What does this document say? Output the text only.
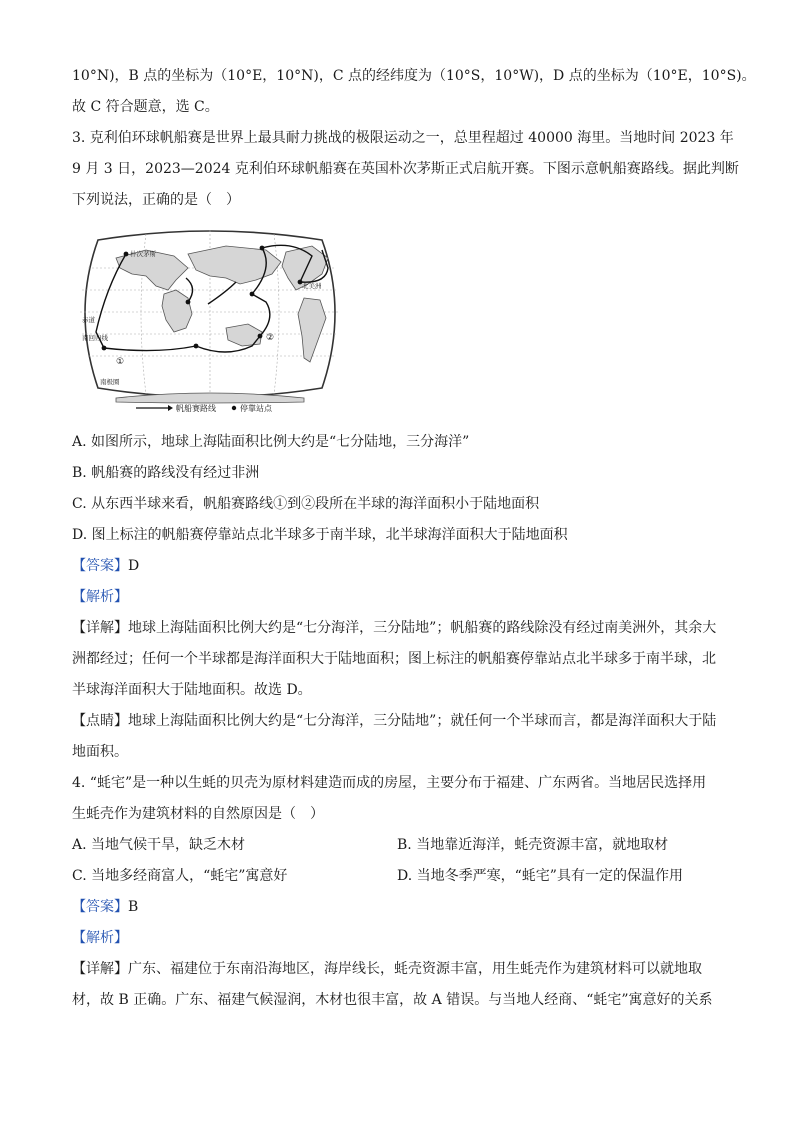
10°N)，B 点的坐标为（10°E，10°N)，C 点的经纬度为（10°S，10°W)，D 点的坐标为（10°E，10°S)。
故 C 符合题意，选 C。
3. 克利伯环球帆船赛是世界上最具耐力挑战的极限运动之一，总里程超过 40000 海里。当地时间 2023 年
9 月 3 日，2023—2024 克利伯环球帆船赛在英国朴次茅斯正式启航开赛。下图示意帆船赛路线。据此判断
下列说法，正确的是（　）
朴次茅斯
赤道
南回归线
南极圈
北美洲
①
②
帆船赛路线	停靠站点
A. 如图所示，地球上海陆面积比例大约是“七分陆地，三分海洋”
B. 帆船赛的路线没有经过非洲
C. 从东西半球来看，帆船赛路线①到②段所在半球的海洋面积小于陆地面积
D. 图上标注的帆船赛停靠站点北半球多于南半球，北半球海洋面积大于陆地面积
【答案】D
【解析】
【详解】地球上海陆面积比例大约是“七分海洋，三分陆地”；帆船赛的路线除没有经过南美洲外，其余大
洲都经过；任何一个半球都是海洋面积大于陆地面积；图上标注的帆船赛停靠站点北半球多于南半球，北
半球海洋面积大于陆地面积。故选 D。
【点睛】地球上海陆面积比例大约是“七分海洋，三分陆地”；就任何一个半球而言，都是海洋面积大于陆
地面积。
4. “蚝宅”是一种以生蚝的贝壳为原材料建造而成的房屋，主要分布于福建、广东两省。当地居民选择用
生蚝壳作为建筑材料的自然原因是（　）
A. 当地气候干旱，缺乏木材	B. 当地靠近海洋，蚝壳资源丰富，就地取材
C. 当地多经商富人，“蚝宅”寓意好	D. 当地冬季严寒，“蚝宅”具有一定的保温作用
【答案】B
【解析】
【详解】广东、福建位于东南沿海地区，海岸线长，蚝壳资源丰富，用生蚝壳作为建筑材料可以就地取
材，故 B 正确。广东、福建气候湿润，木材也很丰富，故 A 错误。与当地人经商、“蚝宅”寓意好的关系
